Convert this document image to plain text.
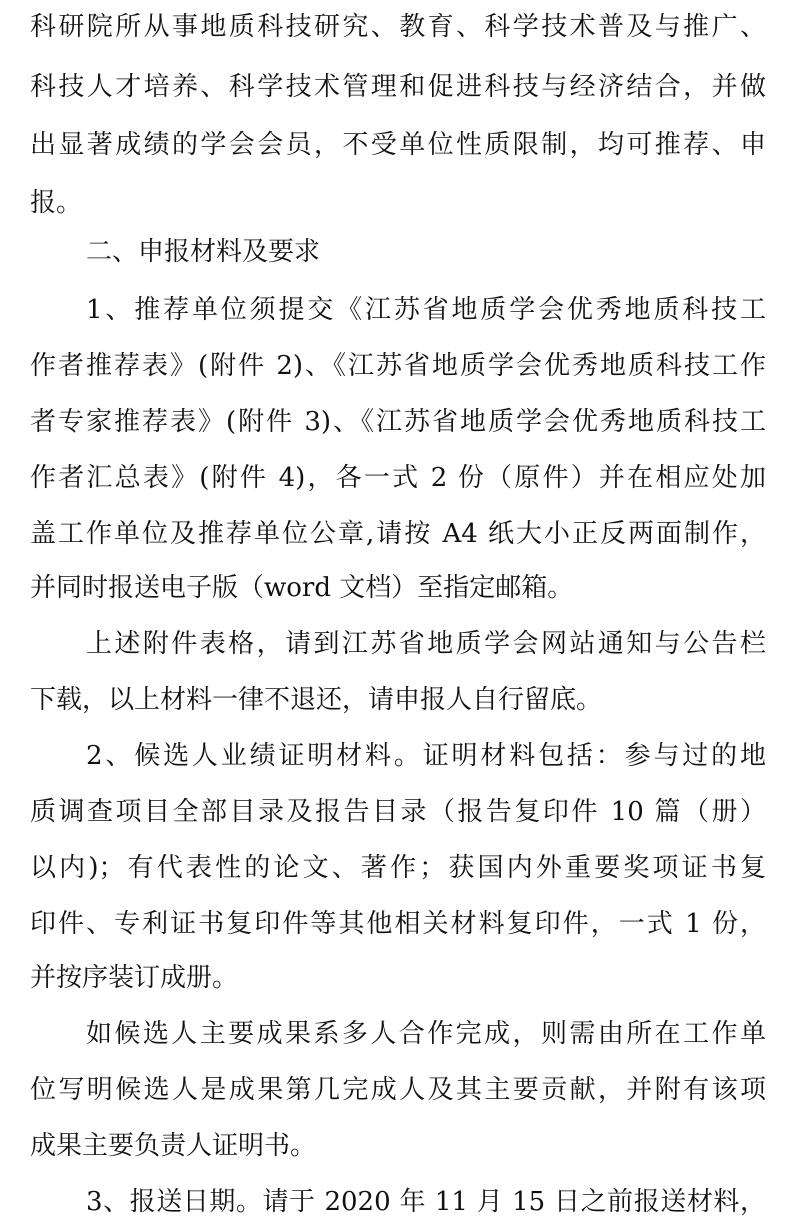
科研院所从事地质科技研究、教育、科学技术普及与推广、
科技人才培养、科学技术管理和促进科技与经济结合，并做
出显著成绩的学会会员，不受单位性质限制，均可推荐、申
报。
二、申报材料及要求
1、推荐单位须提交《江苏省地质学会优秀地质科技工
作者推荐表》(附件 2)、《江苏省地质学会优秀地质科技工作
者专家推荐表》(附件 3)、《江苏省地质学会优秀地质科技工
作者汇总表》(附件 4)，各一式 2 份（原件）并在相应处加
盖工作单位及推荐单位公章,请按 A4 纸大小正反两面制作，
并同时报送电子版（word 文档）至指定邮箱。
上述附件表格，请到江苏省地质学会网站通知与公告栏
下载，以上材料一律不退还，请申报人自行留底。
2、候选人业绩证明材料。证明材料包括：参与过的地
质调查项目全部目录及报告目录（报告复印件 10 篇（册）
以内)；有代表性的论文、著作；获国内外重要奖项证书复
印件、专利证书复印件等其他相关材料复印件，一式 1 份，
并按序装订成册。
如候选人主要成果系多人合作完成，则需由所在工作单
位写明候选人是成果第几完成人及其主要贡献，并附有该项
成果主要负责人证明书。
3、报送日期。请于 2020 年 11 月 15 日之前报送材料，
